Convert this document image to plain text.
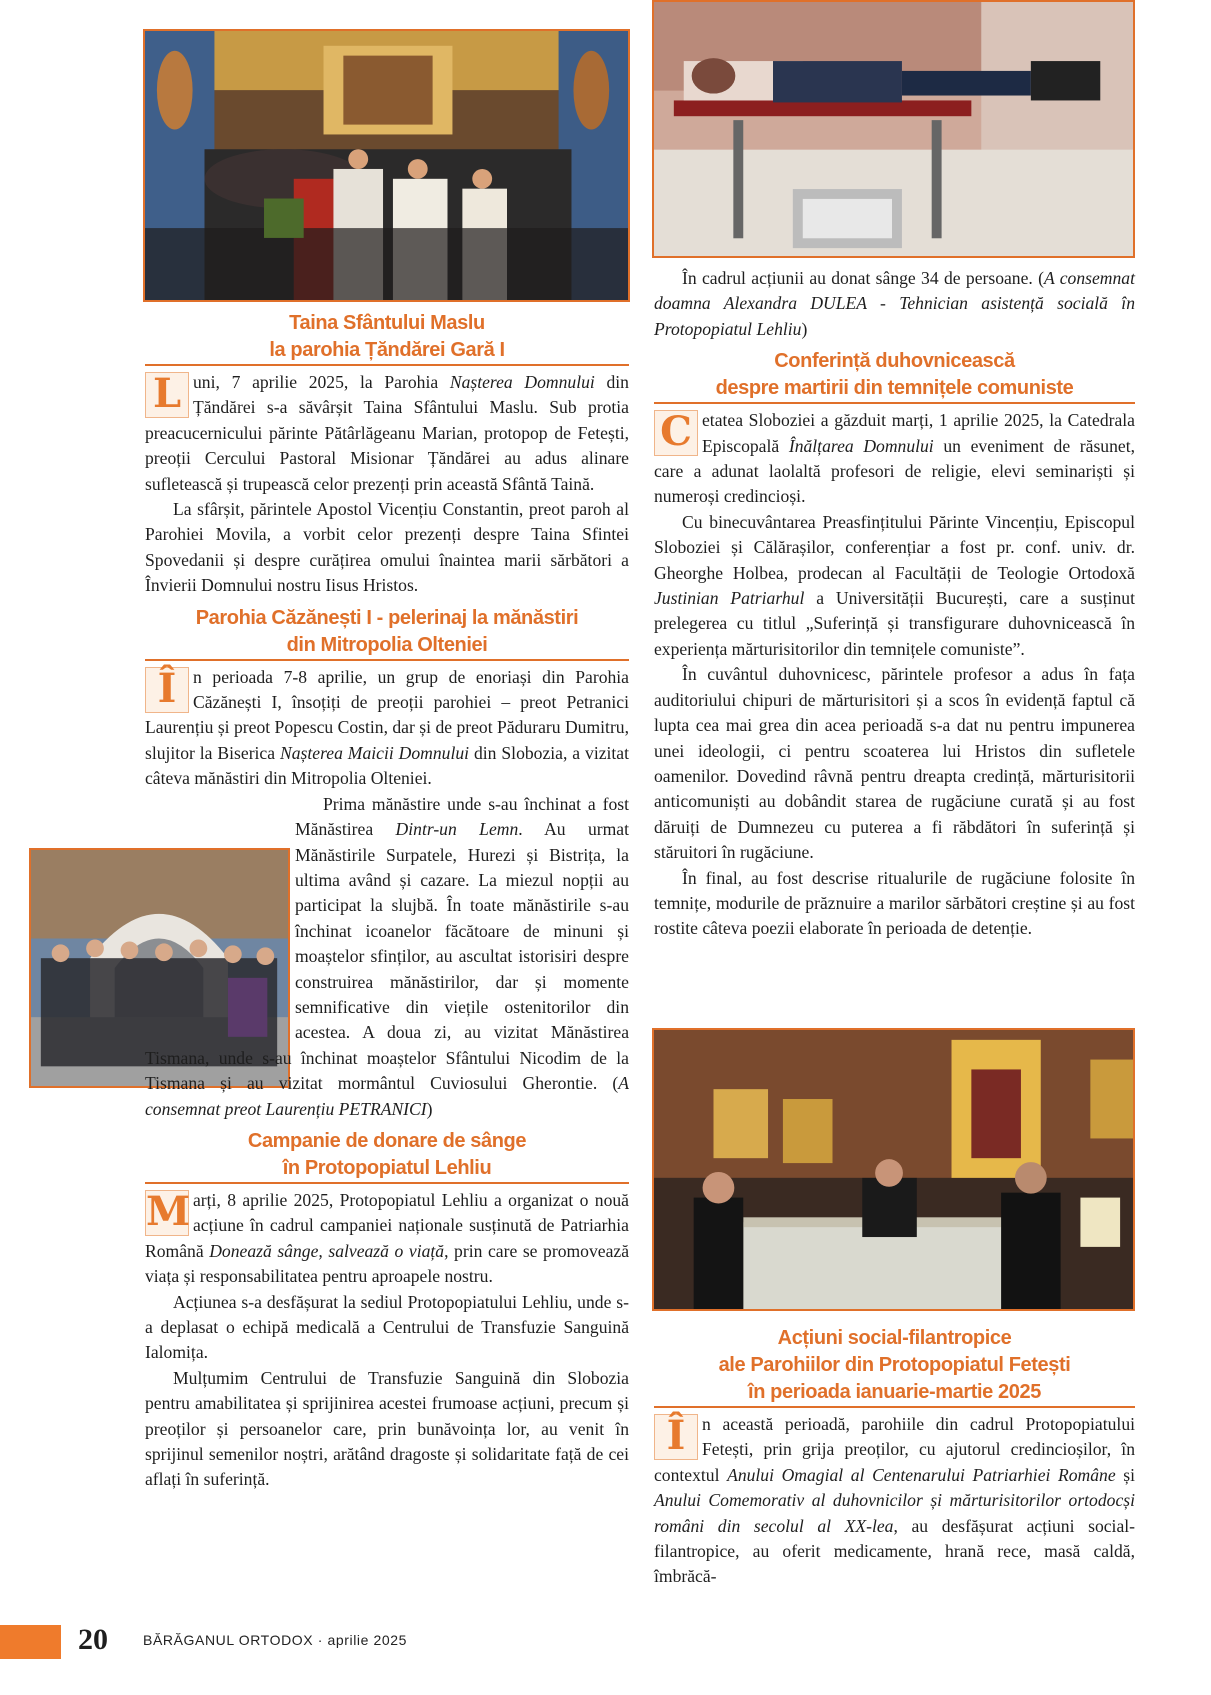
Taina Sfântului Maslu
la parohia Țăndărei Gară I

L uni, 7 aprilie 2025, la Parohia Nașterea Domnului din Țăndărei s-a săvârșit Taina Sfântului Maslu. Sub protia preacucernicului părinte Pătârlăgeanu Marian, protopop de Fetești, preoții Cercului Pastoral Misionar Țăndărei au adus alinare sufletească și trupească celor prezenți prin această Sfântă Taină.

La sfârșit, părintele Apostol Vicențiu Constantin, preot paroh al Parohiei Movila, a vorbit celor prezenți despre Taina Sfintei Spovedanii și despre curățirea omului înaintea marii sărbători a Învierii Domnului nostru Iisus Hristos.

Parohia Căzănești I - pelerinaj la mănăstiri
din Mitropolia Olteniei

Î n perioada 7-8 aprilie, un grup de enoriași din Parohia Căzănești I, însoțiți de preoții parohiei – preot Petranici Laurențiu și preot Popescu Costin, dar și de preot Păduraru Dumitru, slujitor la Biserica Nașterea Maicii Domnului din Slobozia, a vizitat câteva mănăstiri din Mitropolia Olteniei.

Prima mănăstire unde s-au închinat a fost Mănăstirea Dintr-un Lemn. Au urmat Mănăstirile Surpatele, Hurezi și Bistrița, la ultima având și cazare. La miezul nopții au participat la slujbă. În toate mănăstirile s-au închinat icoanelor făcătoare de minuni și moaștelor sfinților, au ascultat istorisiri despre construirea mănăstirilor, dar și momente semnificative din viețile ostenitorilor din acestea. A doua zi, au vizitat Mănăstirea Tismana, unde s-au închinat moaștelor Sfântului Nicodim de la Tismana și au vizitat mormântul Cuviosului Gherontie. (A consemnat preot Laurențiu PETRANICI)

Campanie de donare de sânge
în Protopopiatul Lehliu

M arți, 8 aprilie 2025, Protopopiatul Lehliu a organizat o nouă acțiune în cadrul campaniei naționale susținută de Patriarhia Română Donează sânge, salvează o viață, prin care se promovează viața și responsabilitatea pentru aproapele nostru.

Acțiunea s-a desfășurat la sediul Protopopiatului Lehliu, unde s-a deplasat o echipă medicală a Centrului de Transfuzie Sanguină Ialomița.

Mulțumim Centrului de Transfuzie Sanguină din Slobozia pentru amabilitatea și sprijinirea acestei frumoase acțiuni, precum și preoților și persoanelor care, prin bunăvoința lor, au venit în sprijinul semenilor noștri, arătând dragoste și solidaritate față de cei aflați în suferință.

În cadrul acțiunii au donat sânge 34 de persoane. (A consemnat doamna Alexandra DULEA - Tehnician asistență socială în Protopopiatul Lehliu)

Conferință duhovnicească
despre martirii din temnițele comuniste

C etatea Sloboziei a găzduit marți, 1 aprilie 2025, la Catedrala Episcopală Înălțarea Domnului un eveniment de răsunet, care a adunat laolaltă profesori de religie, elevi seminariști și numeroși credincioși.

Cu binecuvântarea Preasfințitului Părinte Vincențiu, Episcopul Sloboziei și Călărașilor, conferențiar a fost pr. conf. univ. dr. Gheorghe Holbea, prodecan al Facultății de Teologie Ortodoxă Justinian Patriarhul a Universității București, care a susținut prelegerea cu titlul „Suferință și transfigurare duhovnicească în experiența mărturisitorilor din temnițele comuniste”.

În cuvântul duhovnicesc, părintele profesor a adus în fața auditoriului chipuri de mărturisitori și a scos în evidență faptul că lupta cea mai grea din acea perioadă s-a dat nu pentru impunerea unei ideologii, ci pentru scoaterea lui Hristos din sufletele oamenilor. Dovedind râvnă pentru dreapta credință, mărturisitorii anticomuniști au dobândit starea de rugăciune curată și au fost dăruiți de Dumnezeu cu puterea a fi răbdători în suferință și stăruitori în rugăciune.

În final, au fost descrise ritualurile de rugăciune folosite în temnițe, modurile de prăznuire a marilor sărbători creștine și au fost rostite câteva poezii elaborate în perioada de detenție.

Acțiuni social-filantropice
ale Parohiilor din Protopopiatul Fetești
în perioada ianuarie-martie 2025

Î n această perioadă, parohiile din cadrul Protopopiatului Fetești, prin grija preoților, cu ajutorul credincioșilor, în contextul Anului Omagial al Centenarului Patriarhiei Române și Anului Comemorativ al duhovnicilor și mărturisitorilor ortodocși români din secolul al XX-lea, au desfășurat acțiuni social-filantropice, au oferit medicamente, hrană rece, masă caldă, îmbrăcă-

20	BĂRĂGANUL ORTODOX · aprilie 2025
